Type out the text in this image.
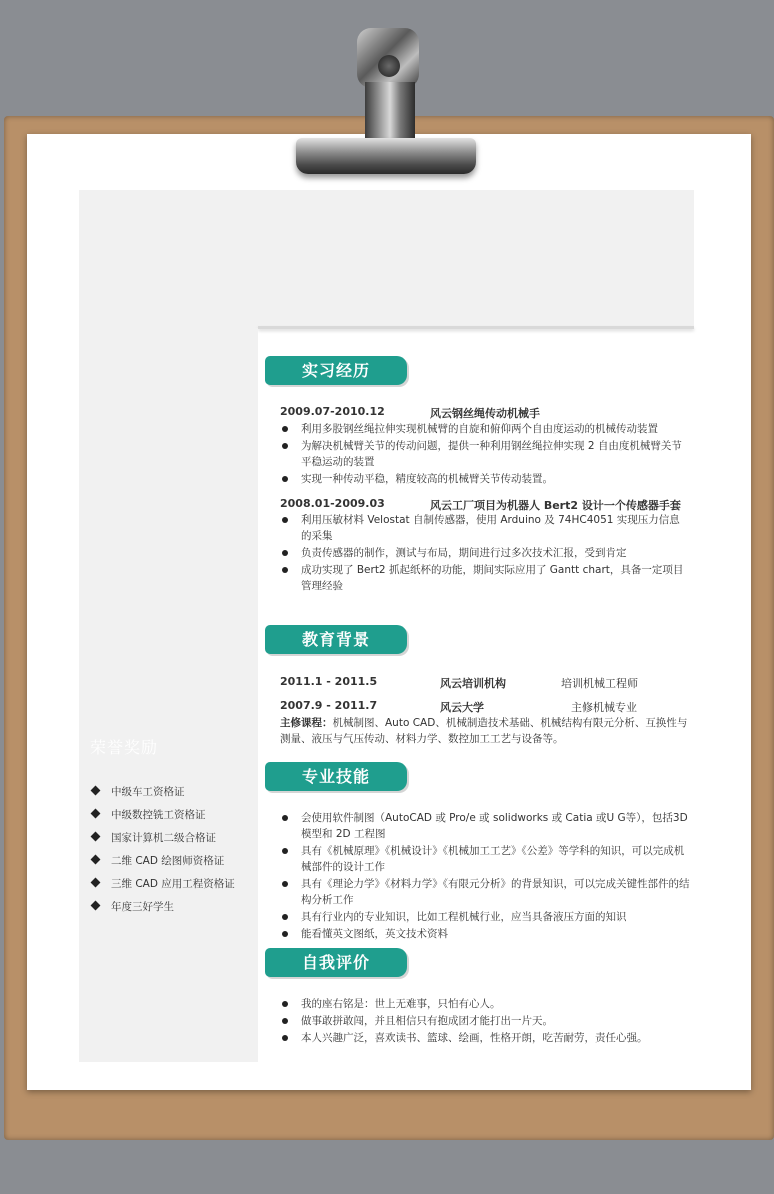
荣誉奖励
中级车工资格证
中级数控铣工资格证
国家计算机二级合格证
二维 CAD 绘图师资格证
三维 CAD 应用工程资格证
年度三好学生
实习经历
2009.07-2010.12	风云钢丝绳传动机械手
利用多股钢丝绳拉伸实现机械臂的自旋和俯仰两个自由度运动的机械传动装置
为解决机械臂关节的传动问题，提供一种利用钢丝绳拉伸实现 2 自由度机械臂关节平稳运动的装置
实现一种传动平稳，精度较高的机械臂关节传动装置。
2008.01-2009.03	风云工厂项目为机器人 Bert2 设计一个传感器手套
利用压敏材料 Velostat 自制传感器，使用 Arduino 及 74HC4051 实现压力信息的采集
负责传感器的制作，测试与布局，期间进行过多次技术汇报，受到肯定
成功实现了 Bert2 抓起纸杯的功能，期间实际应用了 Gantt chart，具备一定项目管理经验
教育背景
2011.1 - 2011.5	风云培训机构	培训机械工程师
2007.9 - 2011.7	风云大学	主修机械专业
主修课程：机械制图、Auto CAD、机械制造技术基础、机械结构有限元分析、互换性与测量、液压与气压传动、材料力学、数控加工工艺与设备等。
专业技能
会使用软件制图（AutoCAD 或 Pro/e 或 solidworks 或 Catia 或U G等），包括3D 模型和 2D 工程图
具有《机械原理》《机械设计》《机械加工工艺》《公差》等学科的知识，可以完成机械部件的设计工作
具有《理论力学》《材料力学》《有限元分析》的背景知识，可以完成关键性部件的结构分析工作
具有行业内的专业知识，比如工程机械行业，应当具备液压方面的知识
能看懂英文图纸，英文技术资料
自我评价
我的座右铭是：世上无难事，只怕有心人。
做事敢拼敢闯，并且相信只有抱成团才能打出一片天。
本人兴趣广泛，喜欢读书、篮球、绘画，性格开朗，吃苦耐劳，责任心强。
